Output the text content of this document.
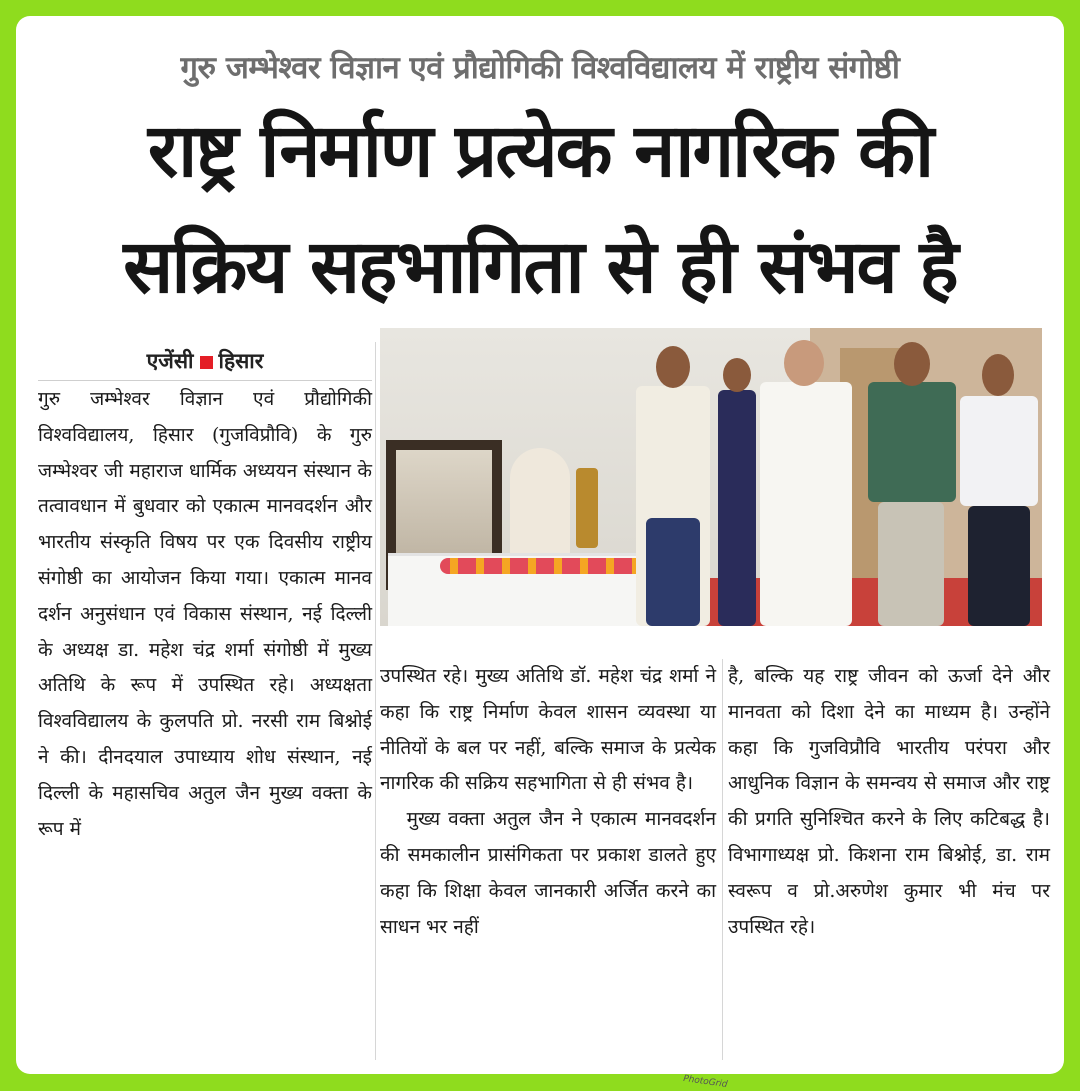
गुरु जम्भेश्वर विज्ञान एवं प्रौद्योगिकी विश्वविद्यालय में राष्ट्रीय संगोष्ठी
राष्ट्र निर्माण प्रत्येक नागरिक की
सक्रिय सहभागिता से ही संभव है
एजेंसी हिसार

गुरु जम्भेश्वर विज्ञान एवं प्रौद्योगिकी विश्वविद्यालय, हिसार (गुजविप्रौवि) के गुरु जम्भेश्वर जी महाराज धार्मिक अध्ययन संस्थान के तत्वावधान में बुधवार को एकात्म मानवदर्शन और भारतीय संस्कृति विषय पर एक दिवसीय राष्ट्रीय संगोष्ठी का आयोजन किया गया। एकात्म मानव दर्शन अनुसंधान एवं विकास संस्थान, नई दिल्ली के अध्यक्ष डा. महेश चंद्र शर्मा संगोष्ठी में मुख्य अतिथि के रूप में उपस्थित रहे। अध्यक्षता विश्वविद्यालय के कुलपति प्रो. नरसी राम बिश्नोई ने की। दीनदयाल उपाध्याय शोध संस्थान, नई दिल्ली के महासचिव अतुल जैन मुख्य वक्ता के रूप में

उपस्थित रहे। मुख्य अतिथि डॉ. महेश चंद्र शर्मा ने कहा कि राष्ट्र निर्माण केवल शासन व्यवस्था या नीतियों के बल पर नहीं, बल्कि समाज के प्रत्येक नागरिक की सक्रिय सहभागिता से ही संभव है।

मुख्य वक्ता अतुल जैन ने एकात्म मानवदर्शन की समकालीन प्रासंगिकता पर प्रकाश डालते हुए कहा कि शिक्षा केवल जानकारी अर्जित करने का साधन भर नहीं

है, बल्कि यह राष्ट्र जीवन को ऊर्जा देने और मानवता को दिशा देने का माध्यम है। उन्होंने कहा कि गुजविप्रौवि भारतीय परंपरा और आधुनिक विज्ञान के समन्वय से समाज और राष्ट्र की प्रगति सुनिश्चित करने के लिए कटिबद्ध है। विभागाध्यक्ष प्रो. किशना राम बिश्नोई, डा. राम स्वरूप व प्रो.अरुणेश कुमार भी मंच पर उपस्थित रहे।

PhotoGrid
